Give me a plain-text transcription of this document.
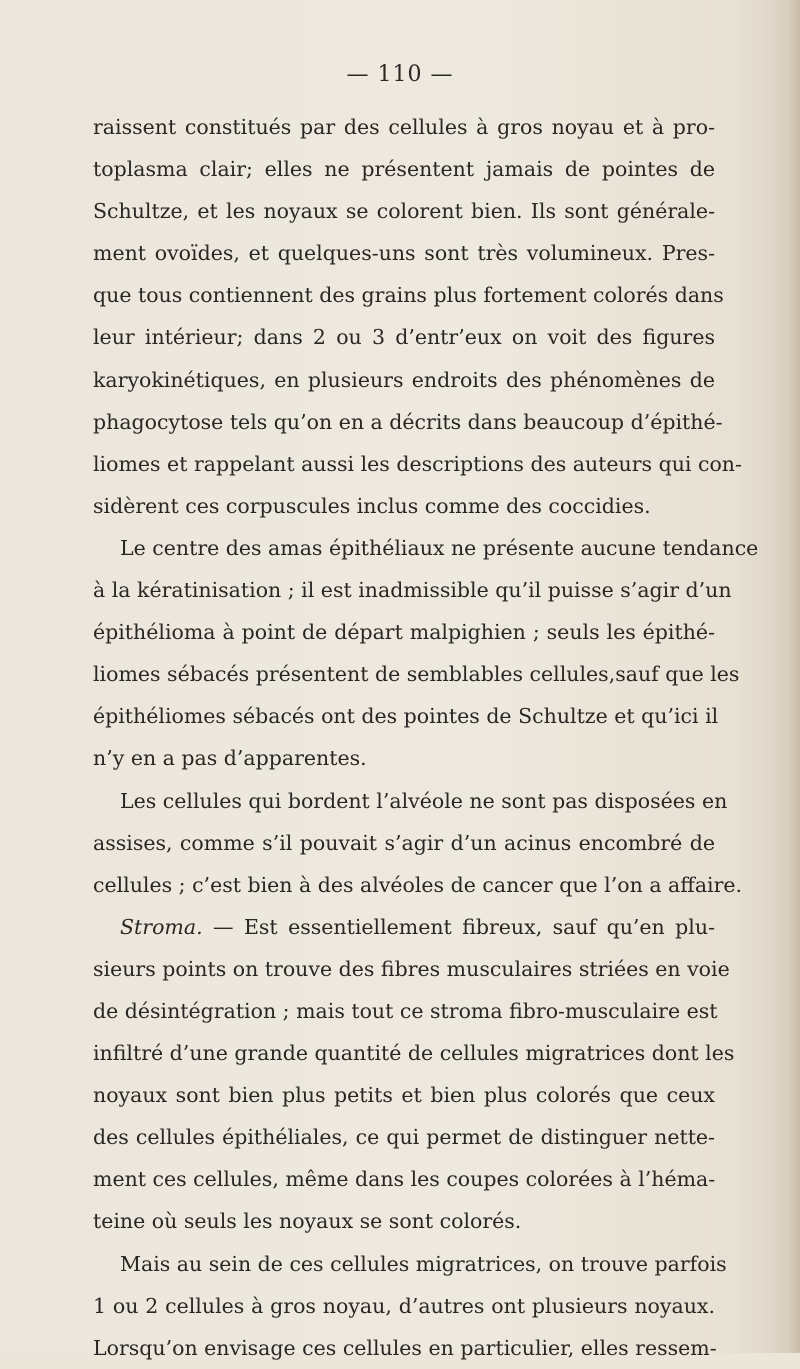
— 110 —
raissent constitués par des cellules à gros noyau et à pro-
toplasma clair; elles ne présentent jamais de pointes de
Schultze, et les noyaux se colorent bien. Ils sont générale-
ment ovoïdes, et quelques-uns sont très volumineux. Pres-
que tous contiennent des grains plus fortement colorés dans
leur intérieur; dans 2 ou 3 d’entr’eux on voit des figures
karyokinétiques, en plusieurs endroits des phénomènes de
phagocytose tels qu’on en a décrits dans beaucoup d’épithé-
liomes et rappelant aussi les descriptions des auteurs qui con-
sidèrent ces corpuscules inclus comme des coccidies.
Le centre des amas épithéliaux ne présente aucune tendance
à la kératinisation ; il est inadmissible qu’il puisse s’agir d’un
épithélioma à point de départ malpighien ; seuls les épithé-
liomes sébacés présentent de semblables cellules,sauf que les
épithéliomes sébacés ont des pointes de Schultze et qu’ici il
n’y en a pas d’apparentes.
Les cellules qui bordent l’alvéole ne sont pas disposées en
assises, comme s’il pouvait s’agir d’un acinus encombré de
cellules ; c’est bien à des alvéoles de cancer que l’on a affaire.
Stroma. — Est essentiellement fibreux, sauf qu’en plu-
sieurs points on trouve des fibres musculaires striées en voie
de désintégration ; mais tout ce stroma fibro-musculaire est
infiltré d’une grande quantité de cellules migratrices dont les
noyaux sont bien plus petits et bien plus colorés que ceux
des cellules épithéliales, ce qui permet de distinguer nette-
ment ces cellules, même dans les coupes colorées à l’héma-
teine où seuls les noyaux se sont colorés.
Mais au sein de ces cellules migratrices, on trouve parfois
1 ou 2 cellules à gros noyau, d’autres ont plusieurs noyaux.
Lorsqu’on envisage ces cellules en particulier, elles ressem-
